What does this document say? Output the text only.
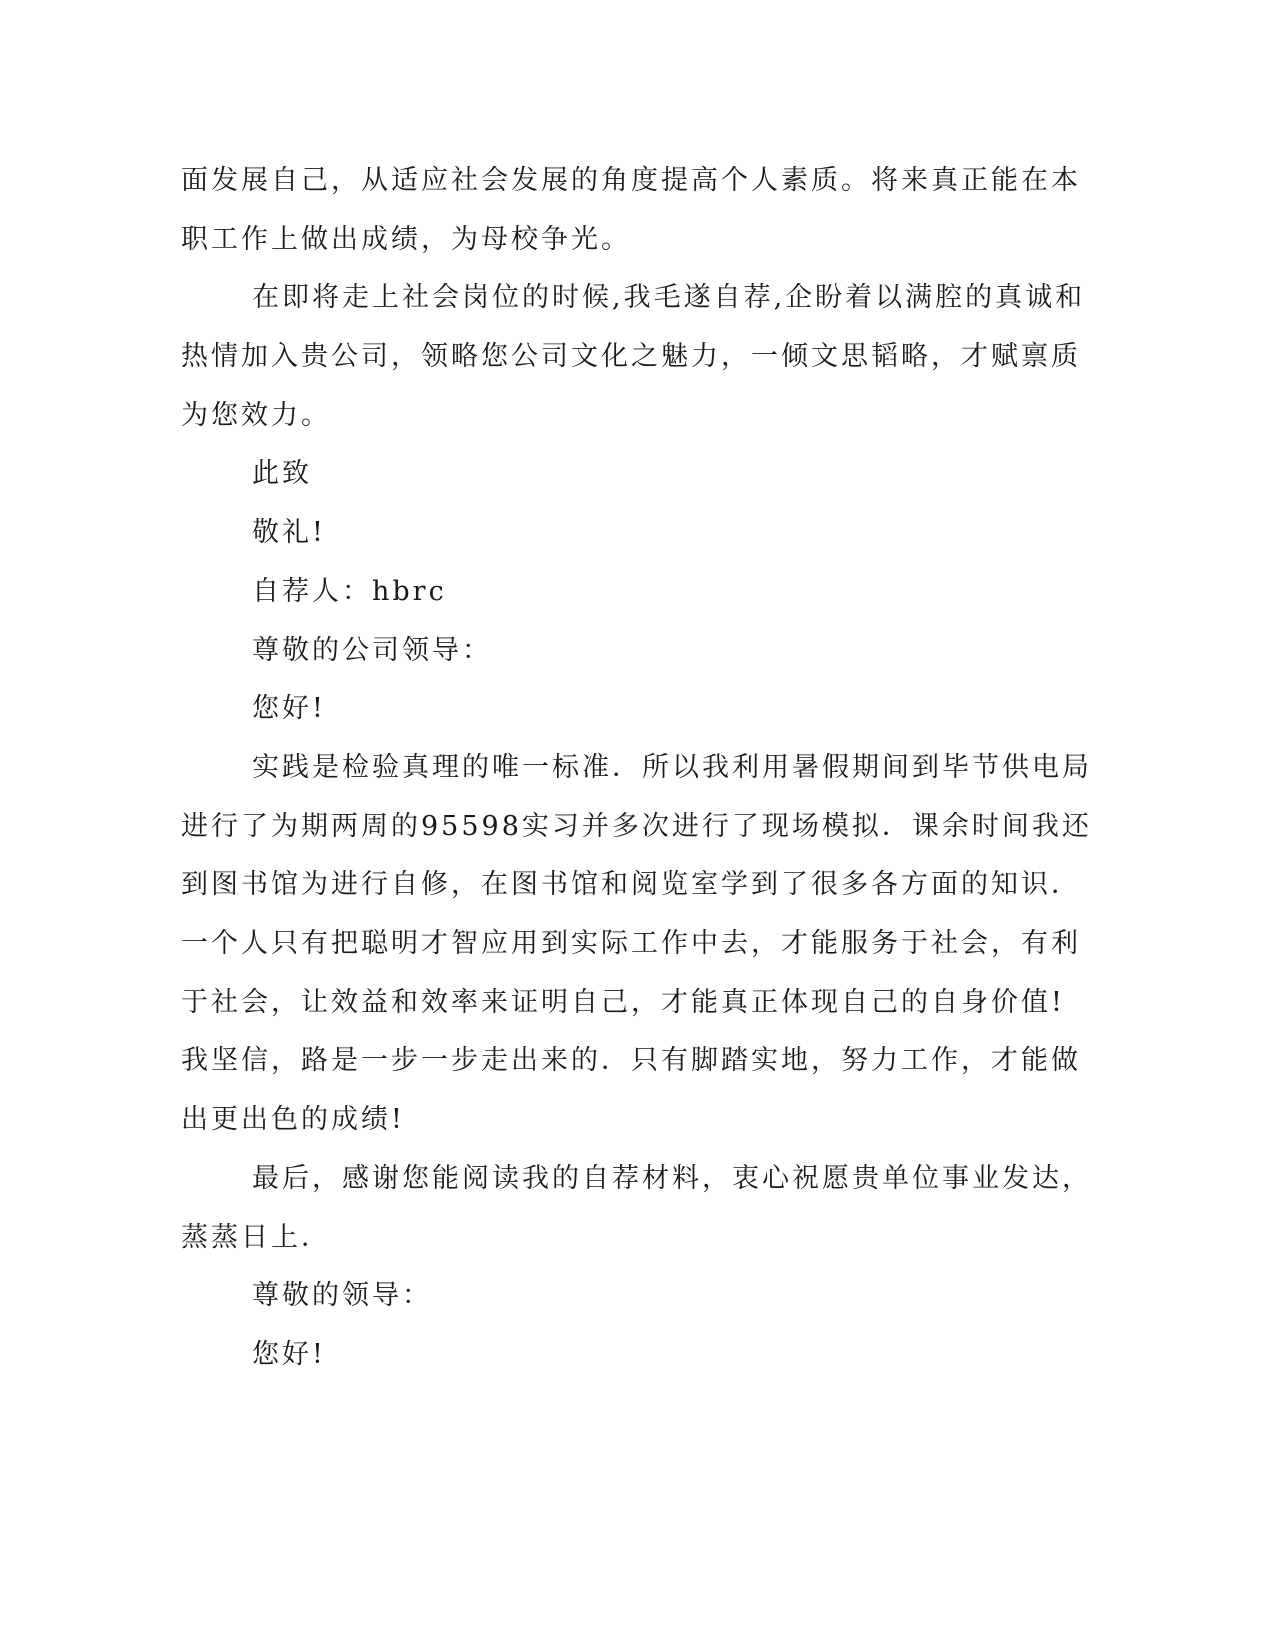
面发展自己，从适应社会发展的角度提高个人素质。将来真正能在本
职工作上做出成绩，为母校争光。
在即将走上社会岗位的时候,我毛遂自荐,企盼着以满腔的真诚和
热情加入贵公司，领略您公司文化之魅力，一倾文思韬略，才赋禀质
为您效力。
此致
敬礼!
自荐人：hbrc
尊敬的公司领导：
您好!
实践是检验真理的唯一标准．所以我利用暑假期间到毕节供电局
进行了为期两周的95598实习并多次进行了现场模拟．课余时间我还
到图书馆为进行自修，在图书馆和阅览室学到了很多各方面的知识．
一个人只有把聪明才智应用到实际工作中去，才能服务于社会，有利
于社会，让效益和效率来证明自己，才能真正体现自己的自身价值!
我坚信，路是一步一步走出来的．只有脚踏实地，努力工作，才能做
出更出色的成绩!
最后，感谢您能阅读我的自荐材料，衷心祝愿贵单位事业发达，
蒸蒸日上．
尊敬的领导：
您好!
